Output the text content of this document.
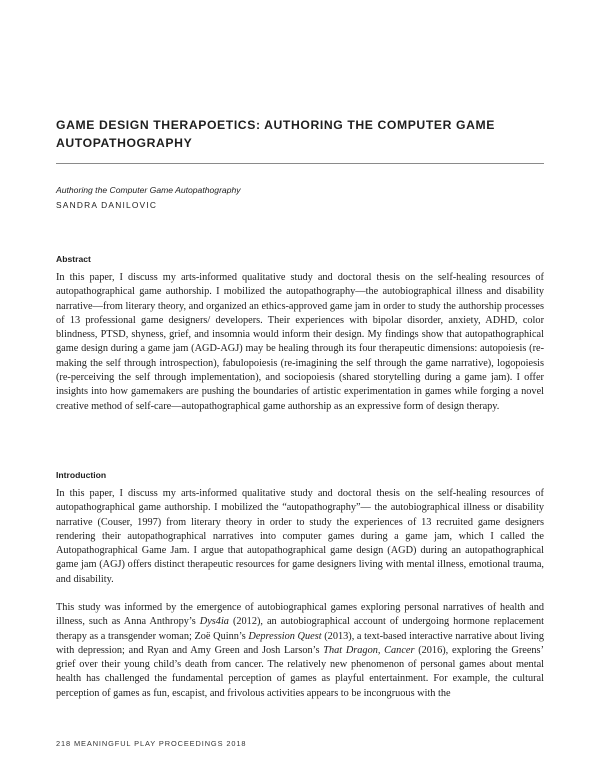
GAME DESIGN THERAPOETICS: AUTHORING THE COMPUTER GAME AUTOPATHOGRAPHY
Authoring the Computer Game Autopathography
SANDRA DANILOVIC
Abstract
In this paper, I discuss my arts-informed qualitative study and doctoral thesis on the self-healing resources of autopathographical game authorship. I mobilized the autopathography—the autobiographical illness and disability narrative—from literary theory, and organized an ethics-approved game jam in order to study the authorship processes of 13 professional game designers/ developers. Their experiences with bipolar disorder, anxiety, ADHD, color blindness, PTSD, shyness, grief, and insomnia would inform their design. My findings show that autopathographical game design during a game jam (AGD-AGJ) may be healing through its four therapeutic dimensions: autopoiesis (re-making the self through introspection), fabulopoiesis (re-imagining the self through the game narrative), logopoiesis (re-perceiving the self through implementation), and sociopoiesis (shared storytelling during a game jam). I offer insights into how gamemakers are pushing the boundaries of artistic experimentation in games while forging a novel creative method of self-care—autopathographical game authorship as an expressive form of design therapy.
Introduction
In this paper, I discuss my arts-informed qualitative study and doctoral thesis on the self-healing resources of autopathographical game authorship. I mobilized the “autopathography”— the autobiographical illness or disability narrative (Couser, 1997) from literary theory in order to study the experiences of 13 recruited game designers rendering their autopathographical narratives into computer games during a game jam, which I called the Autopathographical Game Jam. I argue that autopathographical game design (AGD) during an autopathographical game jam (AGJ) offers distinct therapeutic resources for game designers living with mental illness, emotional trauma, and disability.
This study was informed by the emergence of autobiographical games exploring personal narratives of health and illness, such as Anna Anthropy’s Dys4ia (2012), an autobiographical account of undergoing hormone replacement therapy as a transgender woman; Zoë Quinn’s Depression Quest (2013), a text-based interactive narrative about living with depression; and Ryan and Amy Green and Josh Larson’s That Dragon, Cancer (2016), exploring the Greens’ grief over their young child’s death from cancer. The relatively new phenomenon of personal games about mental health has challenged the fundamental perception of games as playful entertainment. For example, the cultural perception of games as fun, escapist, and frivolous activities appears to be incongruous with the
218 MEANINGFUL PLAY PROCEEDINGS 2018
